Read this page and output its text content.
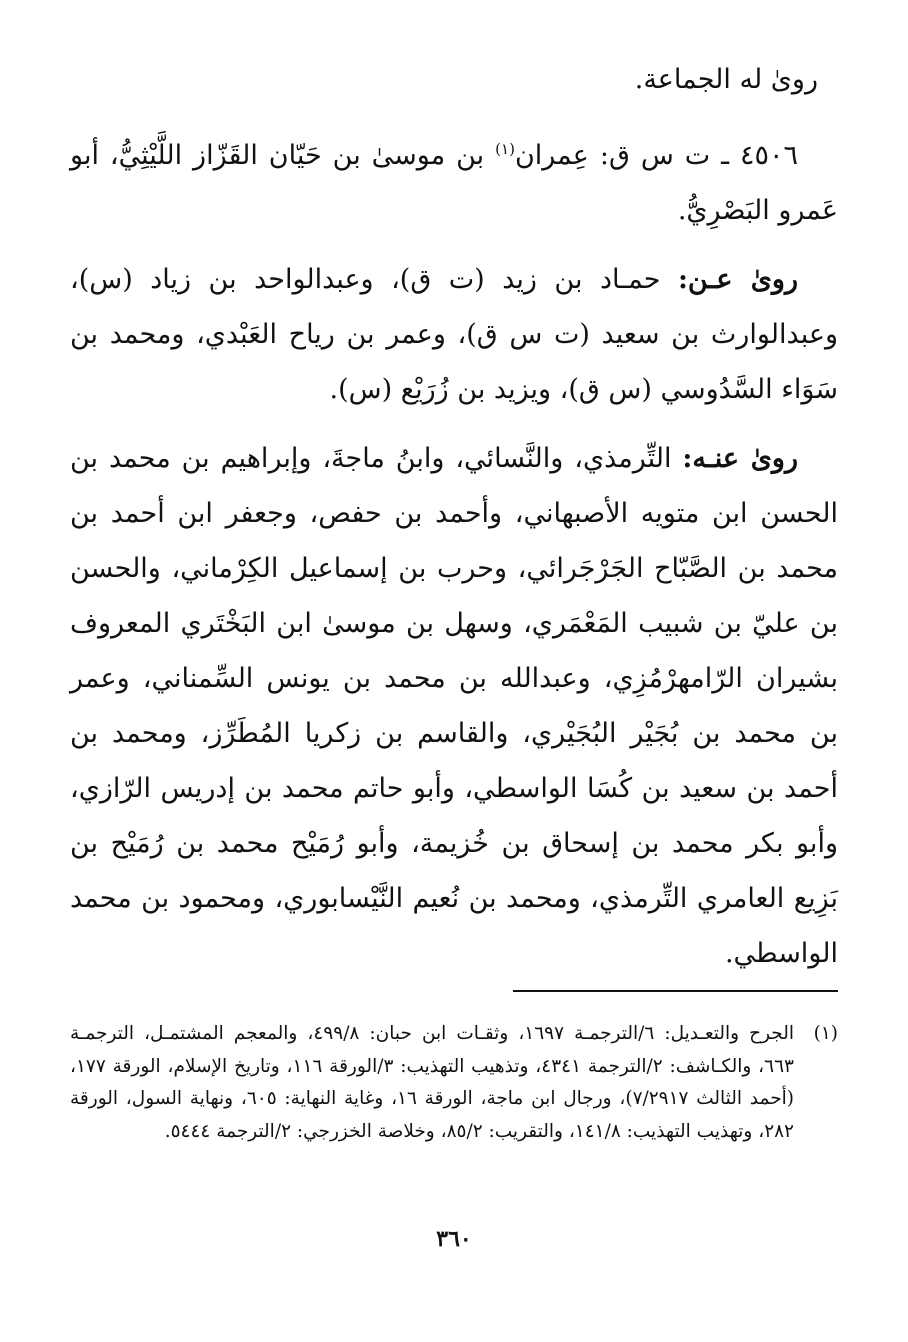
روىٰ له الجماعة.

٤٥٠٦ ـ ت س ق: عِمران$^{(١)}$ بن موسىٰ بن حَيّان القَزّاز اللَّيْثِيُّ، أبو عَمرو البَصْرِيُّ.

روىٰ عـن: حمـاد بن زيد (ت ق)، وعبدالواحد بن زياد (س)، وعبدالوارث بن سعيد (ت س ق)، وعمر بن رياح العَبْدي، ومحمد بن سَوَاء السَّدُوسي (س ق)، ويزيد بن زُرَيْع (س).

روىٰ عنـه: التِّرمذي، والنَّسائي، وابنُ ماجةَ، وإبراهيم بن محمد بن الحسن ابن متويه الأصبهاني، وأحمد بن حفص، وجعفر ابن أحمد بن محمد بن الصَّبّاح الجَرْجَرائي، وحرب بن إسماعيل الكِرْماني، والحسن بن عليّ بن شبيب المَعْمَري، وسهل بن موسىٰ ابن البَخْتَري المعروف بشيران الرّامهرْمُزِي، وعبدالله بن محمد بن يونس السِّمناني، وعمر بن محمد بن بُجَيْر البُجَيْري، والقاسم بن زكريا المُطَرِّز، ومحمد بن أحمد بن سعيد بن كُسَا الواسطي، وأبو حاتم محمد بن إدريس الرّازي، وأبو بكر محمد بن إسحاق بن خُزيمة، وأبو رُمَيْح محمد بن رُمَيْح بن بَزِيع العامري التِّرمذي، ومحمد بن نُعيم النَّيْسابوري، ومحمود بن محمد الواسطي.

(١)
الجرح والتعـديل: ٦/الترجمـة ١٦٩٧، وثقـات ابن حبان: ٤٩٩/٨، والمعجم المشتمـل، الترجمـة ٦٦٣، والكـاشف: ٢/الترجمة ٤٣٤١، وتذهيب التهذيب: ٣/الورقة ١١٦، وتاريخ الإسلام، الورقة ١٧٧، (أحمد الثالث ٧/٢٩١٧)، ورجال ابن ماجة، الورقة ١٦، وغاية النهاية: ٦٠٥، ونهاية السول، الورقة ٢٨٢، وتهذيب التهذيب: ١٤١/٨، والتقريب: ٨٥/٢، وخلاصة الخزرجي: ٢/الترجمة ٥٤٤٤.
٣٦٠
